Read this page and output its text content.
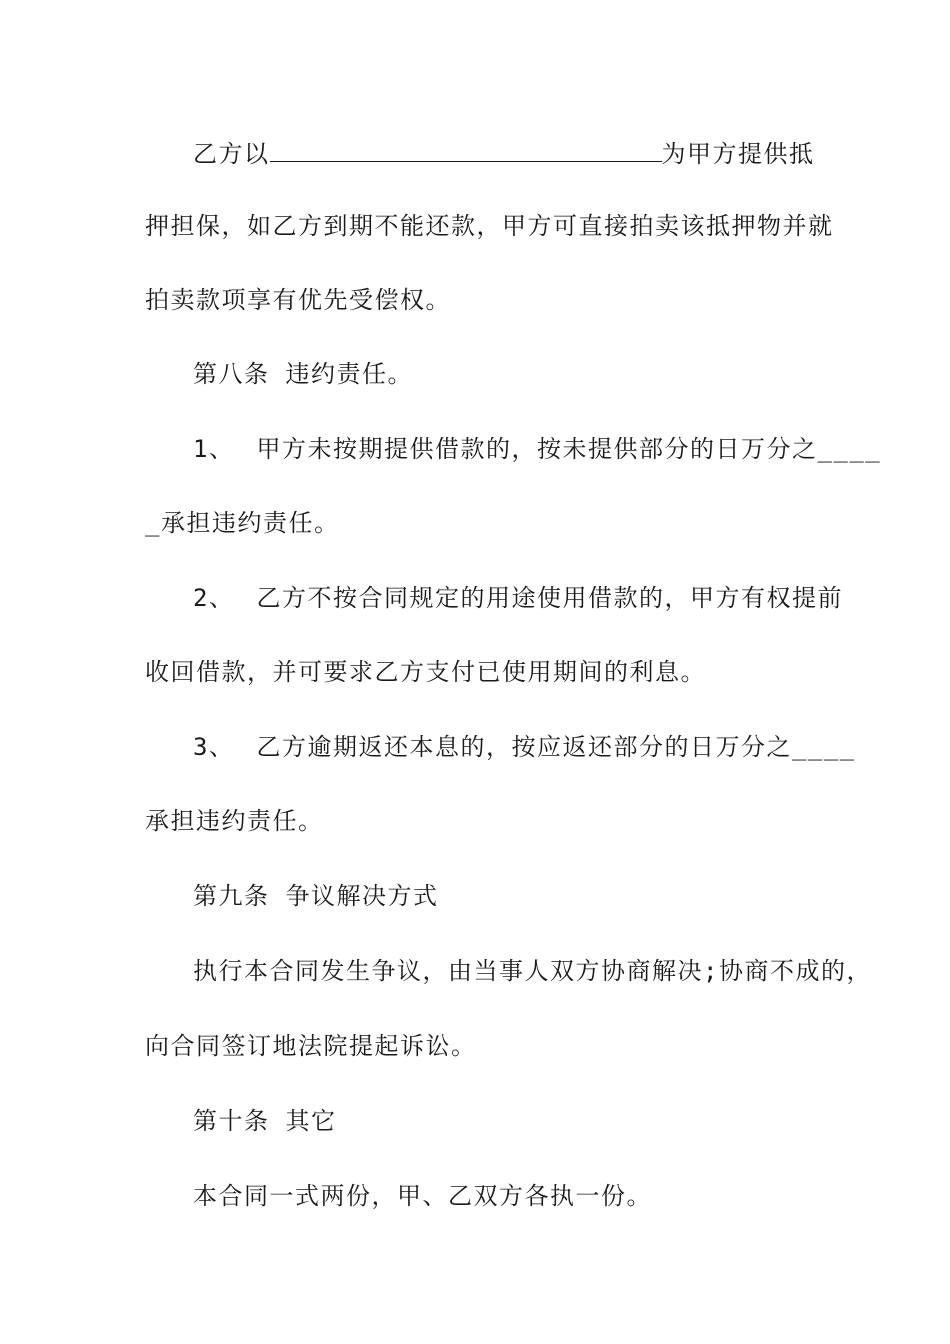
乙方以	为甲方提供抵
押担保，如乙方到期不能还款，甲方可直接拍卖该抵押物并就
拍卖款项享有优先受偿权。
第八条 违约责任。
1、 甲方未按期提供借款的，按未提供部分的日万分之____
_承担违约责任。
2、 乙方不按合同规定的用途使用借款的，甲方有权提前
收回借款，并可要求乙方支付已使用期间的利息。
3、 乙方逾期返还本息的，按应返还部分的日万分之____
承担违约责任。
第九条 争议解决方式
执行本合同发生争议，由当事人双方协商解决;协商不成的，
向合同签订地法院提起诉讼。
第十条 其它
本合同一式两份，甲、乙双方各执一份。
